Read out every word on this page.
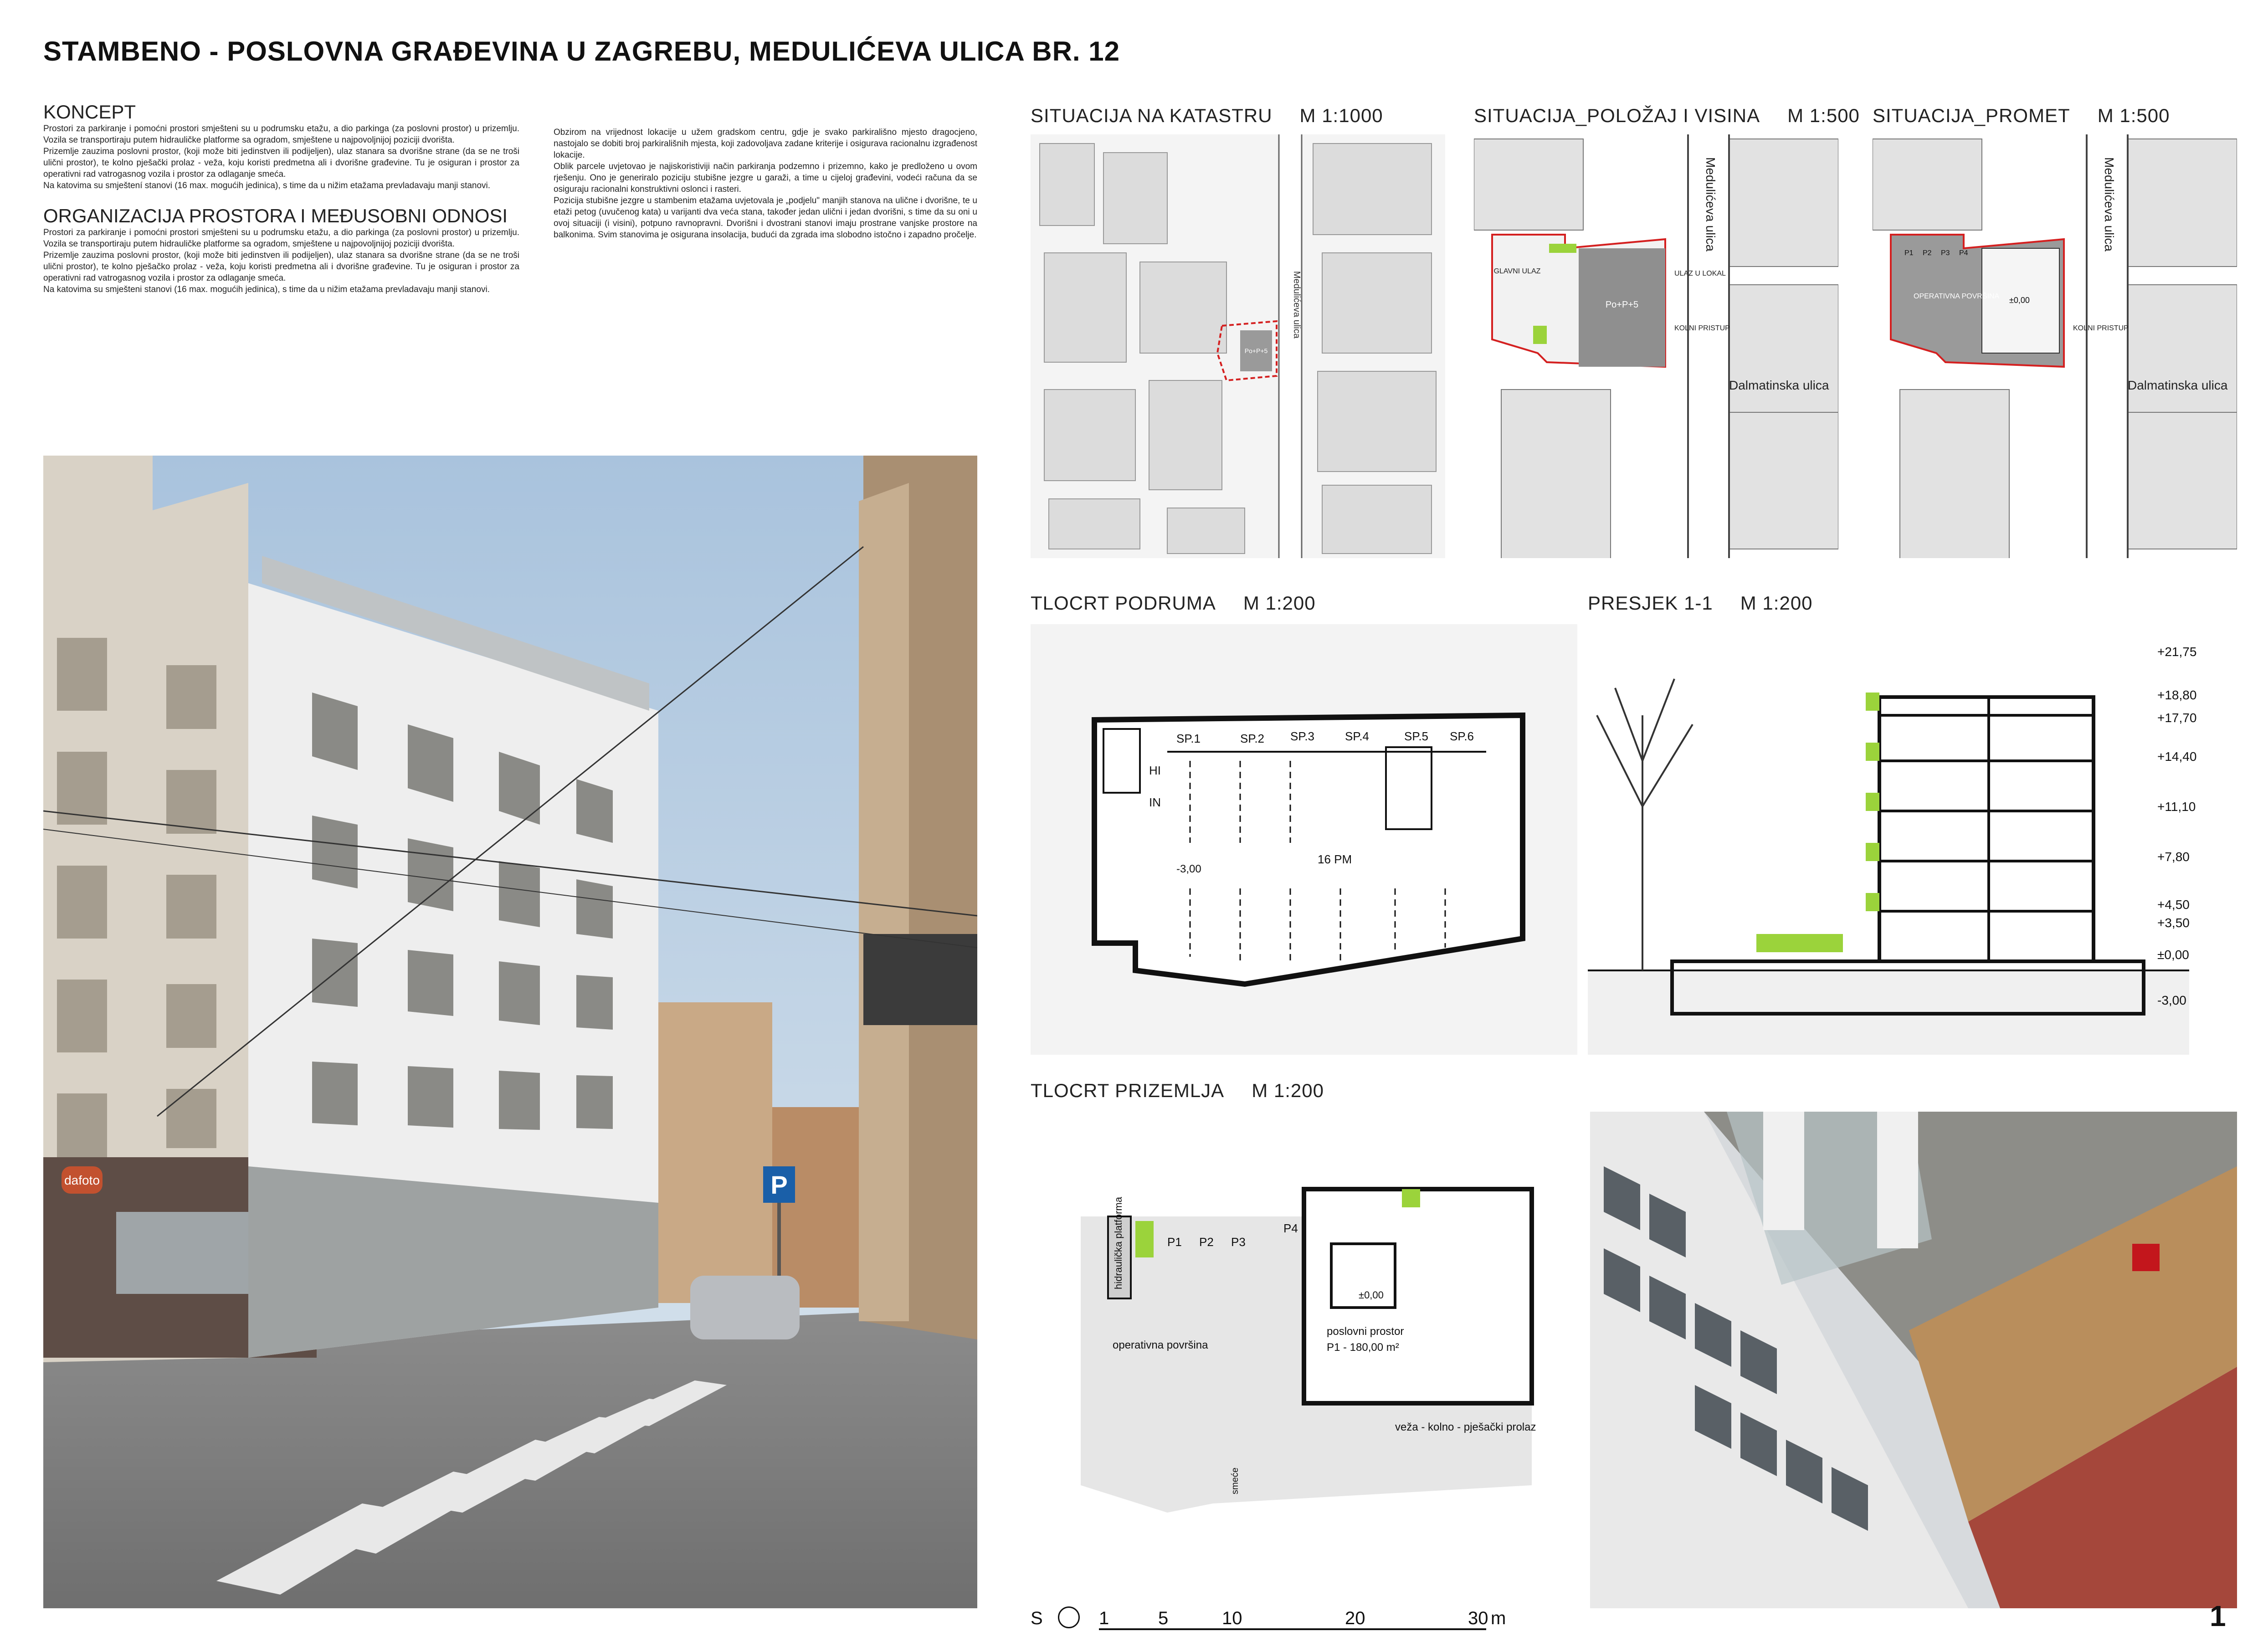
STAMBENO - POSLOVNA GRAĐEVINA U ZAGREBU, MEDULIĆEVA ULICA BR. 12
KONCEPT
Prostori za parkiranje i pomoćni prostori smješteni su u podrumsku etažu, a dio parkinga (za poslovni prostor) u prizemlju. Vozila se transportiraju putem hidrauličke platforme sa ogradom, smještene u najpovoljnijoj poziciji dvorišta.
Prizemlje zauzima poslovni prostor, (koji može biti jedinstven ili podijeljen), ulaz stanara sa dvorišne strane (da se ne troši ulični prostor), te kolno pješački prolaz - veža, koju koristi predmetna ali i dvorišne građevine. Tu je osiguran i prostor za operativni rad vatrogasnog vozila i prostor za odlaganje smeća.
Na katovima su smještení stanovi (16 max. mogućih jedinica), s time da u nižim etažama prevladavaju manji stanovi.
ORGANIZACIJA PROSTORA I MEĐUSOBNI ODNOSI
Prostori za parkiranje i pomoćni prostori smješteni su u podrumsku etažu, a dio parkinga (za poslovni prostor) u prizemlju. Vozila se transportiraju putem hidrauličke platforme sa ogradom, smještene u najpovoljnijoj poziciji dvorišta.
Prizemlje zauzima poslovni prostor, (koji može biti jedinstven ili podijeljen), ulaz stanara sa dvorišne strane (da se ne troši ulični prostor), te kolno pješačko prolaz - veža, koju koristi predmetna ali i dvorišne građevine. Tu je osiguran i prostor za operativni rad vatrogasnog vozila i prostor za odlaganje smeća.
Na katovima su smješteni stanovi (16 max. mogućih jedinica), s time da u nižim etažama prevladavaju manji stanovi.
Obzirom na vrijednost lokacije u užem gradskom centru, gdje je svako parkirališno mjesto dragocjeno, nastojalo se dobiti broj parkirališnih mjesta, koji zadovoljava zadane kriterije i osigurava racionalnu izgrađenost lokacije.
Oblik parcele uvjetovao je najiskoristiviji način parkiranja podzemno i prizemno, kako je predloženo u ovom rješenju. Ono je generiralo poziciju stubišne jezgre u garaži, a time u cijeloj građevini, vodeći računa da se osiguraju racionalni konstruktivni oslonci i rasteri.
Pozicija stubišne jezgre u stambenim etažama uvjetovala je „podjelu" manjih stanova na ulične i dvorišne, te u etaži petog (uvučenog kata) u varijanti dva veća stana, također jedan ulični i jedan dvorišni, s time da su oni u ovoj situaciji (i visini), potpuno ravnopravni. Dvorišni i dvostrani stanovi imaju prostrane vanjske prostore na balkonima. Svim stanovima je osigurana insolacija, budući da zgrada ima slobodno istočno i zapadno pročelje.
dafoto	P
SITUACIJA NA KATASTRU M 1:1000
Medulićeva ulica
Po+P+5
SITUACIJA_POLOŽAJ I VISINA M 1:500
Medulićeva ulica
Dalmatinska ulica
Po+P+5
GLAVNI ULAZ	ULAZ U LOKAL
KOLNI PRISTUP
SITUACIJA_PROMET M 1:500
Medulićeva ulica
Dalmatinska ulica
P1 P2 P3 P4
OPERATIVNA POVRŠINA ±0,00
KOLNI PRISTUP
TLOCRT PODRUMA M 1:200
SP.1	SP.2 SP.3	SP.4	SP.5 SP.6
HI
IN
-3,00
16 PM
PRESJEK 1-1 M 1:200
+21,75
+18,80
+17,70
+14,40
+11,10
+7,80
+4,50
+3,50
±0,00
-3,00
TLOCRT PRIZEMLJA M 1:200
hidraulička platforma	P1 P2 P3
P4
±0,00
operativna površina
poslovni prostor
P1 - 180,00 m²
veža - kolno - pješački prolaz
smeće
S	1	5	10	20	30 m	1
